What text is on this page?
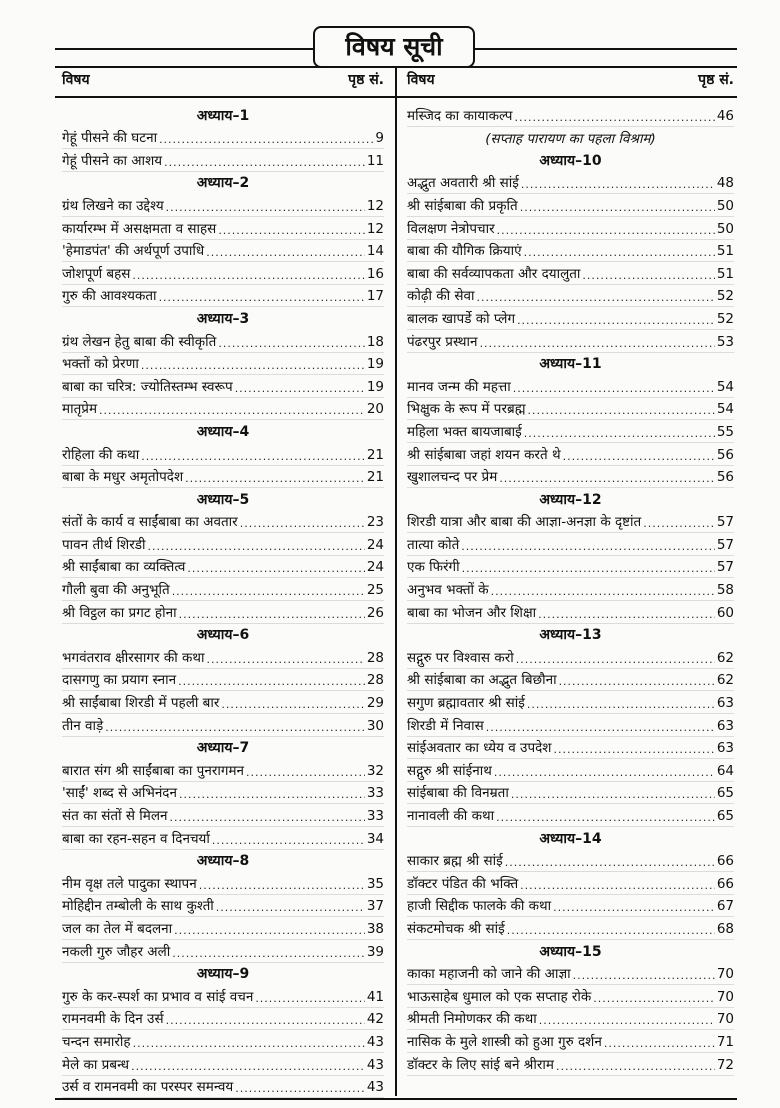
विषय सूची
विषय	पृष्ठ सं. विषय	पृष्ठ सं.
अध्याय–1
गेहूं पीसने की घटना .....	9
गेहूं पीसने का आशय .....	11
अध्याय–2
ग्रंथ लिखने का उद्देश्य .....	12
कार्यारम्भ में असक्षमता व साहस .....	12
'हेमाडपंत' की अर्थपूर्ण उपाधि .....	14
जोशपूर्ण बहस .....	16
गुरु की आवश्यकता .....	17
अध्याय–3
ग्रंथ लेखन हेतु बाबा की स्वीकृति .....	18
भक्तों को प्रेरणा .....	19
बाबा का चरित्र: ज्योतिस्तम्भ स्वरूप .....	19
मातृप्रेम .....	20
अध्याय–4
रोहिला की कथा .....	21
बाबा के मधुर अमृतोपदेश .....	21
अध्याय–5
संतों के कार्य व साईंबाबा का अवतार .....	23
पावन तीर्थ शिरडी .....	24
श्री साईंबाबा का व्यक्तित्व .....	24
गौली बुवा की अनुभूति .....	25
श्री विट्ठल का प्रगट होना .....	26
अध्याय–6
भगवंतराव क्षीरसागर की कथा .....	28
दासगणु का प्रयाग स्नान .....	28
श्री साईंबाबा शिरडी में पहली बार .....	29
तीन वाड़े .....	30
अध्याय–7
बारात संग श्री साईंबाबा का पुनरागमन .....	32
'साईं' शब्द से अभिनंदन .....	33
संत का संतों से मिलन .....	33
बाबा का रहन-सहन व दिनचर्या .....	34
अध्याय–8
नीम वृक्ष तले पादुका स्थापन .....	35
मोहिद्दीन तम्बोली के साथ कुश्ती .....	37
जल का तेल में बदलना .....	38
नकली गुरु जौहर अली .....	39
अध्याय–9
गुरु के कर-स्पर्श का प्रभाव व सांई वचन .....	41
रामनवमी के दिन उर्स .....	42
चन्दन समारोह .....	43
मेले का प्रबन्ध .....	43
उर्स व रामनवमी का परस्पर समन्वय .....	43
मस्जिद का कायाकल्प .....	46
(सप्ताह पारायण का पहला विश्राम)
अध्याय–10
अद्भुत अवतारी श्री सांई .....	48
श्री सांईबाबा की प्रकृति .....	50
विलक्षण नेत्रोपचार .....	50
बाबा की यौगिक क्रियाएं .....	51
बाबा की सर्वव्यापकता और दयालुता .....	51
कोढ़ी की सेवा .....	52
बालक खापर्डे को प्लेग .....	52
पंढरपुर प्रस्थान .....	53
अध्याय–11
मानव जन्म की महत्ता .....	54
भिक्षुक के रूप में परब्रह्म .....	54
महिला भक्त बायजाबाई .....	55
श्री सांईबाबा जहां शयन करते थे .....	56
खुशालचन्द पर प्रेम .....	56
अध्याय–12
शिरडी यात्रा और बाबा की आज्ञा-अनज्ञा के दृष्टांत .....	57
तात्या कोते .....	57
एक फिरंगी .....	57
अनुभव भक्तों के .....	58
बाबा का भोजन और शिक्षा .....	60
अध्याय–13
सद्गुरु पर विश्वास करो .....	62
श्री सांईबाबा का अद्भुत बिछौना .....	62
सगुण ब्रह्मावतार श्री सांई .....	63
शिरडी में निवास .....	63
सांईअवतार का ध्येय व उपदेश .....	63
सद्गुरु श्री सांईनाथ .....	64
सांईबाबा की विनम्रता .....	65
नानावली की कथा .....	65
अध्याय–14
साकार ब्रह्म श्री सांई .....	66
डॉक्टर पंडित की भक्ति .....	66
हाजी सिद्दीक फालके की कथा .....	67
संकटमोचक श्री सांई .....	68
अध्याय–15
काका महाजनी को जाने की आज्ञा .....	70
भाऊसाहेब धुमाल को एक सप्ताह रोके .....	70
श्रीमती निमोणकर की कथा .....	70
नासिक के मुले शास्त्री को हुआ गुरु दर्शन .....	71
डॉक्टर के लिए सांई बने श्रीराम .....	72
